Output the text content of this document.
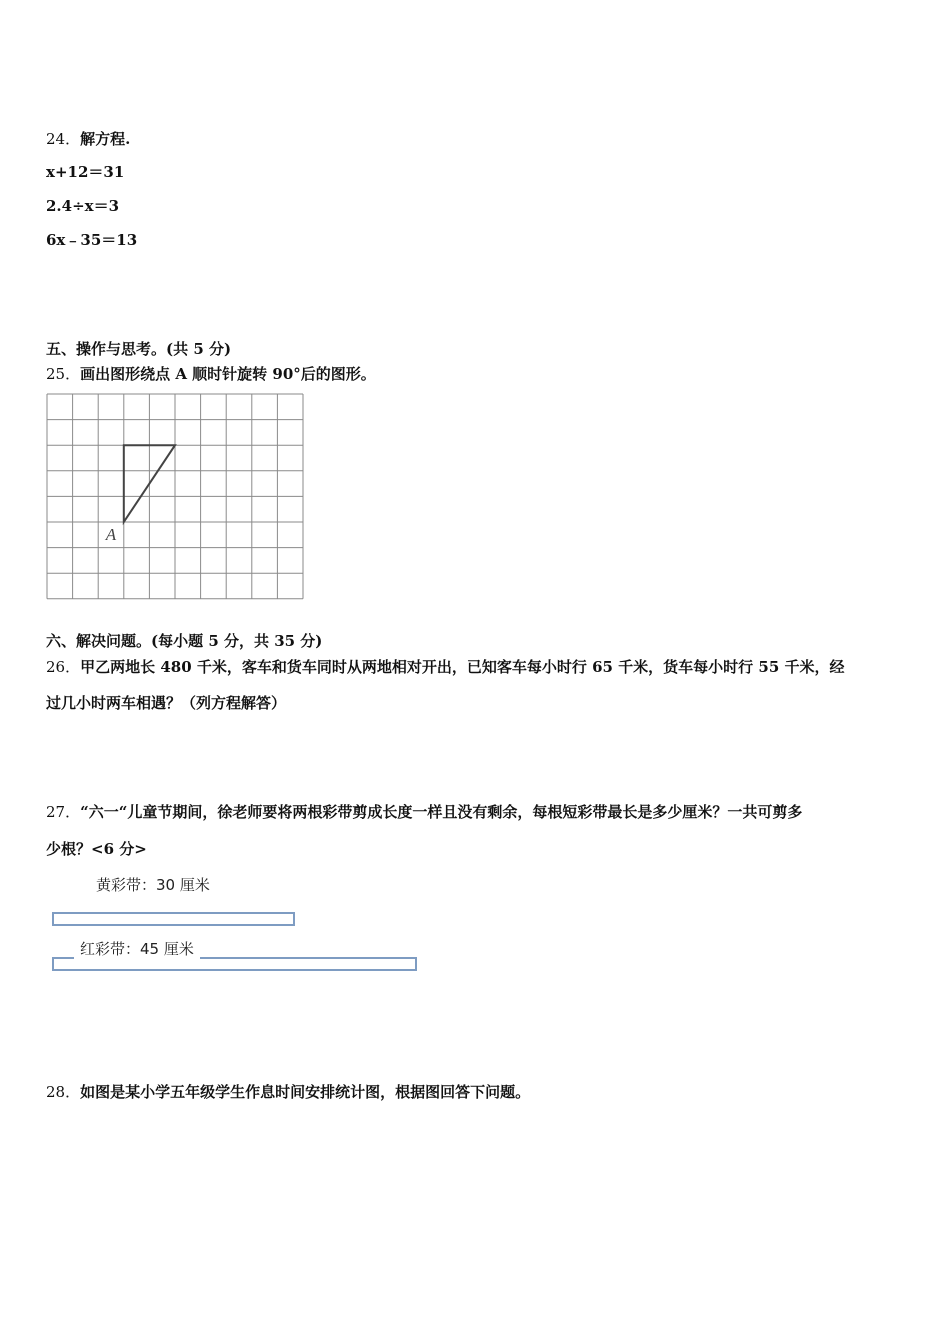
24．解方程.
x+12＝31
2.4÷x＝3
6x﹣35＝13
五、操作与思考。(共 5 分)
25．画出图形绕点 A 顺时针旋转 90°后的图形。
A
六、解决问题。(每小题 5 分，共 35 分)
26．甲乙两地长 480 千米，客车和货车同时从两地相对开出，已知客车每小时行 65 千米，货车每小时行 55 千米，经
过几小时两车相遇？（列方程解答）
27．“六一“儿童节期间，徐老师要将两根彩带剪成长度一样且没有剩余，每根短彩带最长是多少厘米？一共可剪多
少根？<6 分>
黄彩带：30 厘米
红彩带：45 厘米
28．如图是某小学五年级学生作息时间安排统计图，根据图回答下问题。
